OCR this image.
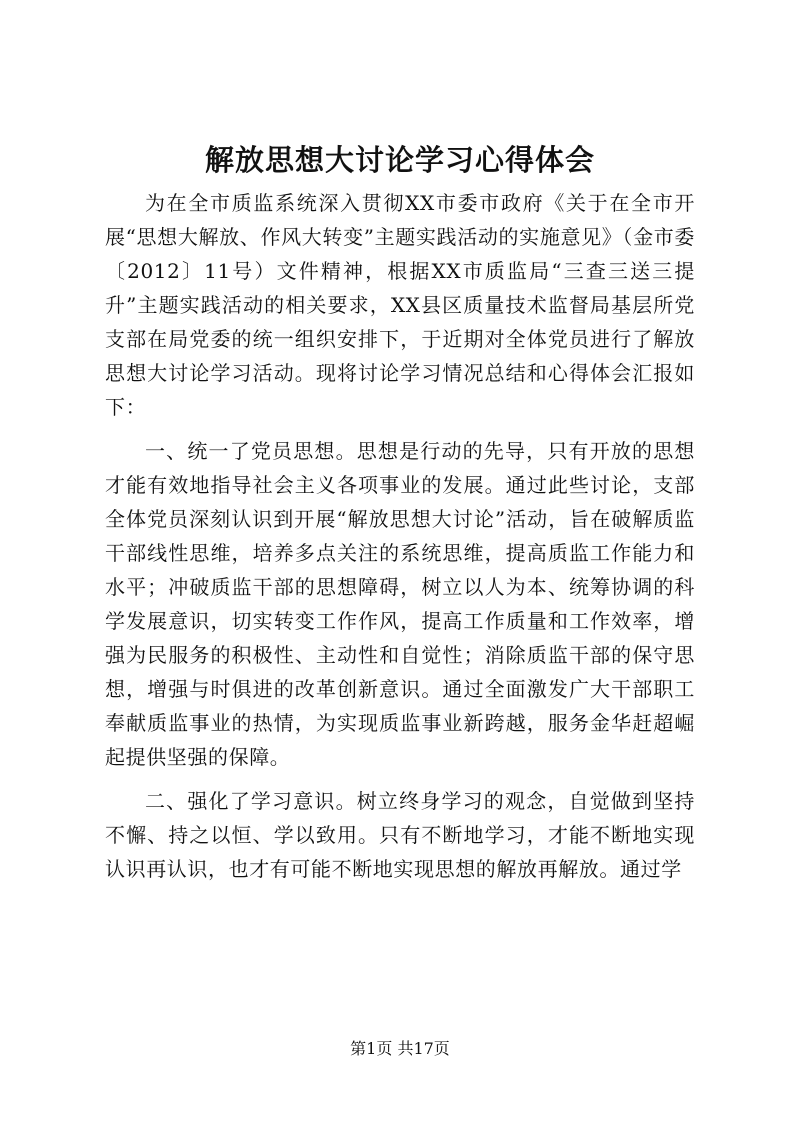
解放思想大讨论学习心得体会

为在全市质监系统深入贯彻XX市委市政府《关于在全市开展“思想大解放、作风大转变”主题实践活动的实施意见》（金市委〔2012〕11号）文件精神，根据XX市质监局“三查三送三提升”主题实践活动的相关要求，XX县区质量技术监督局基层所党支部在局党委的统一组织安排下，于近期对全体党员进行了解放思想大讨论学习活动。现将讨论学习情况总结和心得体会汇报如下：

一、统一了党员思想。思想是行动的先导，只有开放的思想才能有效地指导社会主义各项事业的发展。通过此些讨论，支部全体党员深刻认识到开展“解放思想大讨论”活动，旨在破解质监干部线性思维，培养多点关注的系统思维，提高质监工作能力和水平；冲破质监干部的思想障碍，树立以人为本、统筹协调的科学发展意识，切实转变工作作风，提高工作质量和工作效率，增强为民服务的积极性、主动性和自觉性；消除质监干部的保守思想，增强与时俱进的改革创新意识。通过全面激发广大干部职工奉献质监事业的热情，为实现质监事业新跨越，服务金华赶超崛起提供坚强的保障。

二、强化了学习意识。树立终身学习的观念，自觉做到坚持不懈、持之以恒、学以致用。只有不断地学习，才能不断地实现认识再认识，也才有可能不断地实现思想的解放再解放。通过学

第1页 共17页
